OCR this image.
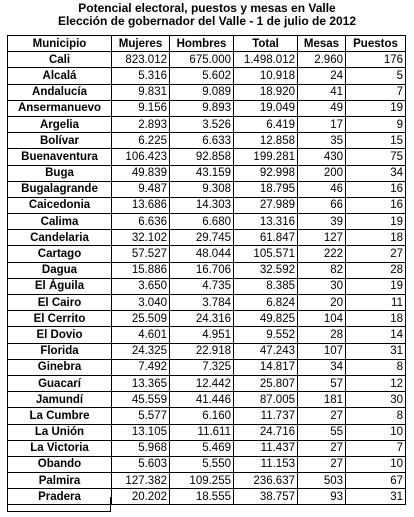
Potencial electoral, puestos y mesas en Valle
Elección de gobernador del Valle - 1 de julio de 2012
Municipio	Mujeres	Hombres	Total	Mesas	Puestos
Cali	823.012	675.000	1.498.012	2.960	176
Alcalá	5.316	5.602	10.918	24	5
Andalucía	9.831	9.089	18.920	41	7
Ansermanuevo	9.156	9.893	19.049	49	19
Argelia	2.893	3.526	6.419	17	9
Bolívar	6.225	6.633	12.858	35	15
Buenaventura	106.423	92.858	199.281	430	75
Buga	49.839	43.159	92.998	200	34
Bugalagrande	9.487	9.308	18.795	46	16
Caicedonia	13.686	14.303	27.989	66	16
Calima	6.636	6.680	13.316	39	19
Candelaria	32.102	29.745	61.847	127	18
Cartago	57.527	48.044	105.571	222	27
Dagua	15.886	16.706	32.592	82	28
El Águila	3.650	4.735	8.385	30	19
El Cairo	3.040	3.784	6.824	20	11
El Cerrito	25.509	24.316	49.825	104	18
El Dovio	4.601	4.951	9.552	28	14
Florida	24.325	22.918	47.243	107	31
Ginebra	7.492	7.325	14.817	34	8
Guacarí	13.365	12.442	25.807	57	12
Jamundí	45.559	41.446	87.005	181	30
La Cumbre	5.577	6.160	11.737	27	8
La Unión	13.105	11.611	24.716	55	10
La Victoria	5.968	5.469	11.437	27	7
Obando	5.603	5.550	11.153	27	10
Palmira	127.382	109.255	236.637	503	67
Pradera	20.202	18.555	38.757	93	31
